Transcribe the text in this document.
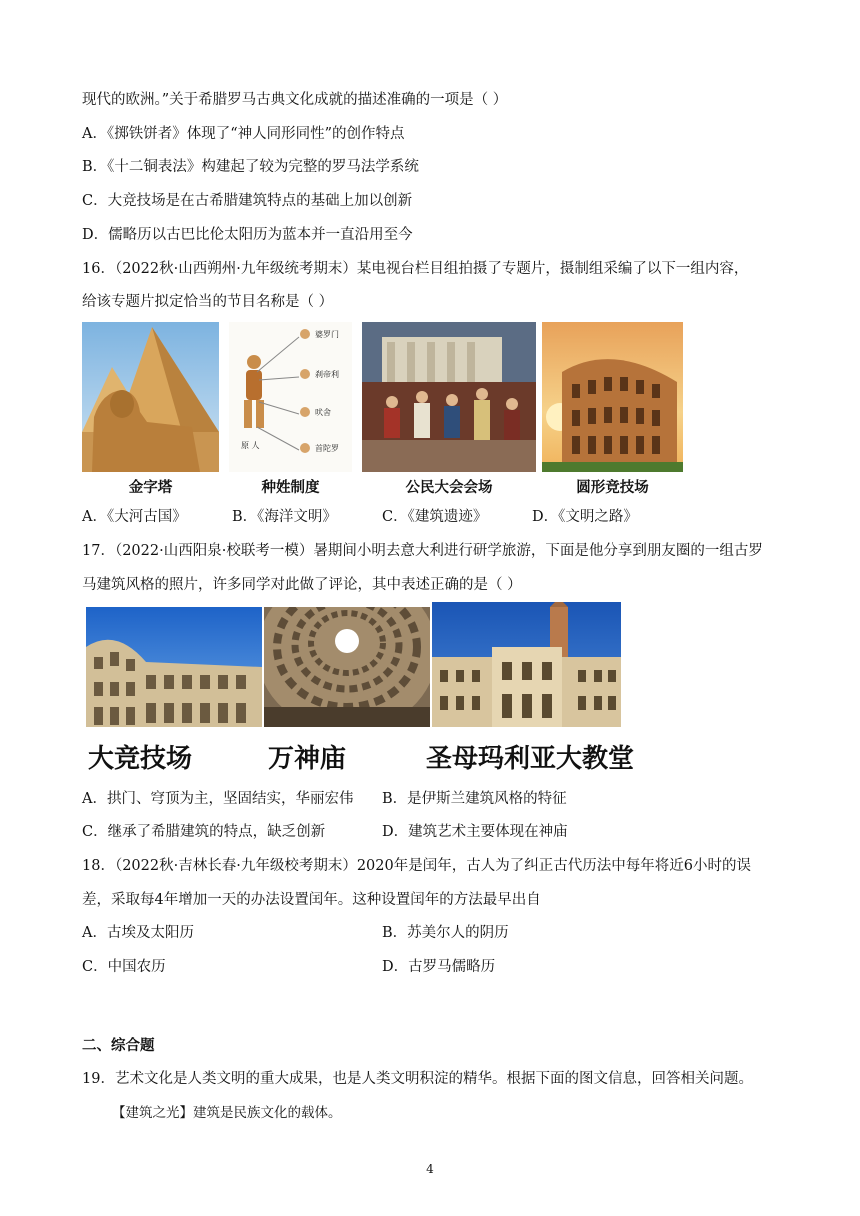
现代的欧洲。”关于希腊罗马古典文化成就的描述准确的一项是（ ）
A．《掷铁饼者》体现了“神人同形同性”的创作特点
B．《十二铜表法》构建起了较为完整的罗马法学系统
C．大竞技场是在古希腊建筑特点的基础上加以创新
D．儒略历以古巴比伦太阳历为蓝本并一直沿用至今
16．（2022秋·山西朔州·九年级统考期末）某电视台栏目组拍摄了专题片，摄制组采编了以下一组内容，
给该专题片拟定恰当的节目名称是（ ）
婆罗门
刹帝利
吠舍
首陀罗
原 人
金字塔	种姓制度	公民大会会场	圆形竞技场
A．《大河古国》	B．《海洋文明》	C．《建筑遗迹》	D．《文明之路》
17．（2022·山西阳泉·校联考一模）暑期间小明去意大利进行研学旅游，下面是他分享到朋友圈的一组古罗
马建筑风格的照片，许多同学对此做了评论，其中表述正确的是（ ）
大竞技场	万神庙	圣母玛利亚大教堂
A．拱门、穹顶为主，坚固结实，华丽宏伟 B．是伊斯兰建筑风格的特征
C．继承了希腊建筑的特点，缺乏创新	D．建筑艺术主要体现在神庙
18．（2022秋·吉林长春·九年级校考期末）2020年是闰年，古人为了纠正古代历法中每年将近6小时的误
差，采取每4年增加一天的办法设置闰年。这种设置闰年的方法最早出自
A．古埃及太阳历	B．苏美尔人的阴历
C．中国农历	D．古罗马儒略历
二、综合题
19．艺术文化是人类文明的重大成果，也是人类文明积淀的精华。根据下面的图文信息，回答相关问题。
【建筑之光】建筑是民族文化的载体。
4
